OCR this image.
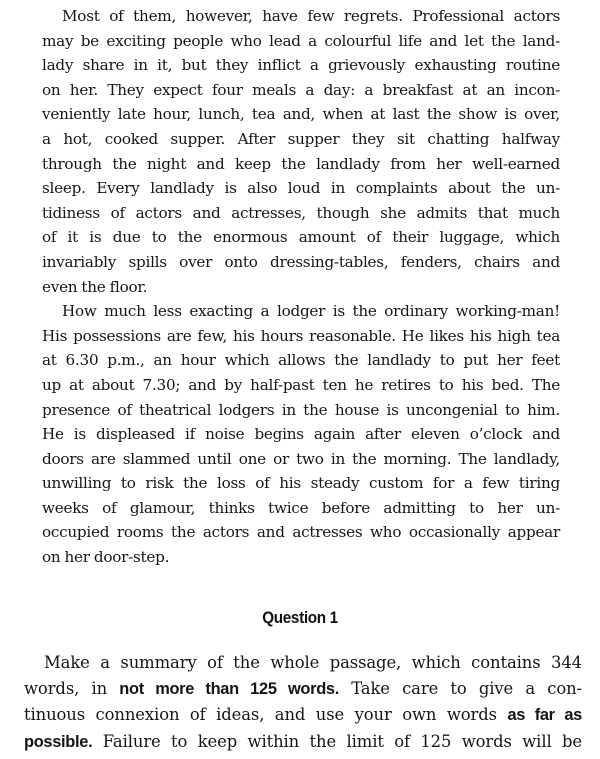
Most of them, however, have few regrets. Professional actors
may be exciting people who lead a colourful life and let the land-
lady share in it, but they inflict a grievously exhausting routine
on her. They expect four meals a day: a breakfast at an incon-
veniently late hour, lunch, tea and, when at last the show is over,
a hot, cooked supper. After supper they sit chatting halfway
through the night and keep the landlady from her well-earned
sleep. Every landlady is also loud in complaints about the un-
tidiness of actors and actresses, though she admits that much
of it is due to the enormous amount of their luggage, which
invariably spills over onto dressing-tables, fenders, chairs and
even the floor.
How much less exacting a lodger is the ordinary working-man!
His possessions are few, his hours reasonable. He likes his high tea
at 6.30 p.m., an hour which allows the landlady to put her feet
up at about 7.30; and by half-past ten he retires to his bed. The
presence of theatrical lodgers in the house is uncongenial to him.
He is displeased if noise begins again after eleven o’clock and
doors are slammed until one or two in the morning. The landlady,
unwilling to risk the loss of his steady custom for a few tiring
weeks of glamour, thinks twice before admitting to her un-
occupied rooms the actors and actresses who occasionally appear
on her door-step.
Question 1
Make a summary of the whole passage, which contains 344
words, in not more than 125 words. Take care to give a con-
tinuous connexion of ideas, and use your own words as far as
possible. Failure to keep within the limit of 125 words will be
